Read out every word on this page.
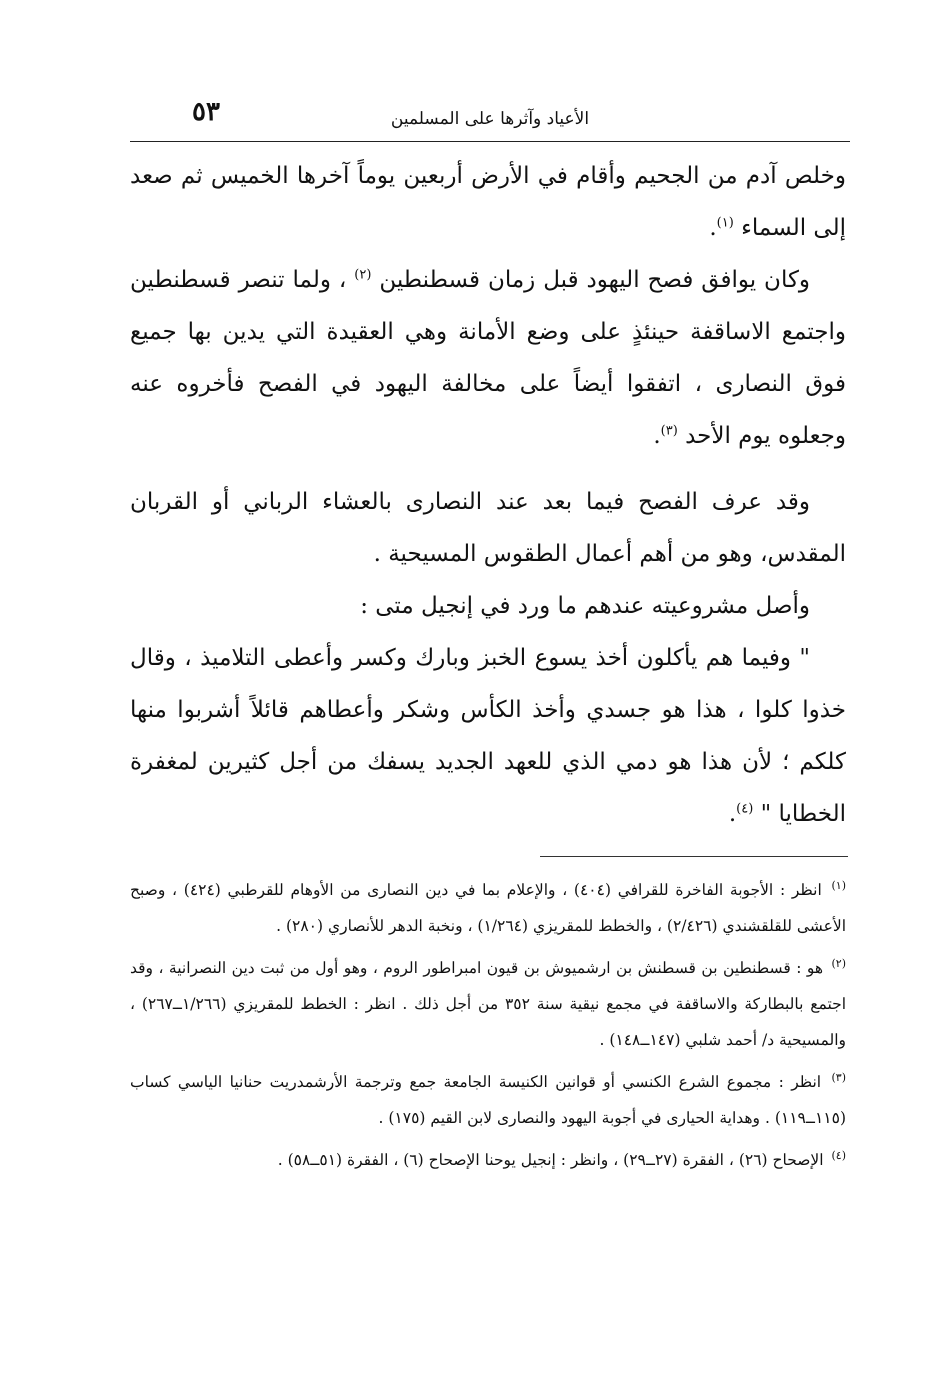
٥٣	الأعياد وآثرها على المسلمين

وخلص آدم من الجحيم وأقام في الأرض أربعين يوماً آخرها الخميس ثم صعد إلى السماء $^{(١)}$.

وكان يوافق فصح اليهود قبل زمان قسطنطين $^{(٢)}$ ، ولما تنصر قسطنطين واجتمع الاساقفة حينئذٍ على وضع الأمانة وهي العقيدة التي يدين بها جميع فوق النصارى ، اتفقوا أيضاً على مخالفة اليهود في الفصح فأخروه عنه وجعلوه يوم الأحد $^{(٣)}$.

وقد عرف الفصح فيما بعد عند النصارى بالعشاء الرباني أو القربان المقدس، وهو من أهم أعمال الطقوس المسيحية .

وأصل مشروعيته عندهم ما ورد في إنجيل متى :

" وفيما هم يأكلون أخذ يسوع الخبز وبارك وكسر وأعطى التلاميذ ، وقال خذوا كلوا ، هذا هو جسدي وأخذ الكأس وشكر وأعطاهم قائلاً أشربوا منها كلكم ؛ لأن هذا هو دمي الذي للعهد الجديد يسفك من أجل كثيرين لمغفرة الخطايا " $^{(٤)}$.

$^{(١)}$ انظر : الأجوبة الفاخرة للقرافي (٤٠٤) ، والإعلام بما في دين النصارى من الأوهام للقرطبي (٤٢٤) ، وصبح الأعشى للقلقشندي (٢/٤٢٦) ، والخطط للمقريزي (١/٢٦٤) ، ونخبة الدهر للأنصاري (٢٨٠) .

$^{(٢)}$ هو : قسطنطين بن قسطنش بن ارشميوش بن قيون امبراطور الروم ، وهو أول من ثبت دين النصرانية ، وقد اجتمع بالبطاركة والاساقفة في مجمع نيقية سنة ٣٥٢ من أجل ذلك . انظر : الخطط للمقريزي (١/٢٦٦ــ٢٦٧) ، والمسيحية د/ أحمد شلبي (١٤٧ــ١٤٨) .

$^{(٣)}$ انظر : مجموع الشرع الكنسي أو قوانين الكنيسة الجامعة جمع وترجمة الأرشمدريت حنانيا الياسي كساب (١١٥ــ١١٩) . وهداية الحيارى في أجوبة اليهود والنصارى لابن القيم (١٧٥) .

$^{(٤)}$ الإصحاح (٢٦) ، الفقرة (٢٧ــ٢٩) ، وانظر : إنجيل يوحنا الإصحاح (٦) ، الفقرة (٥١ــ٥٨) .
